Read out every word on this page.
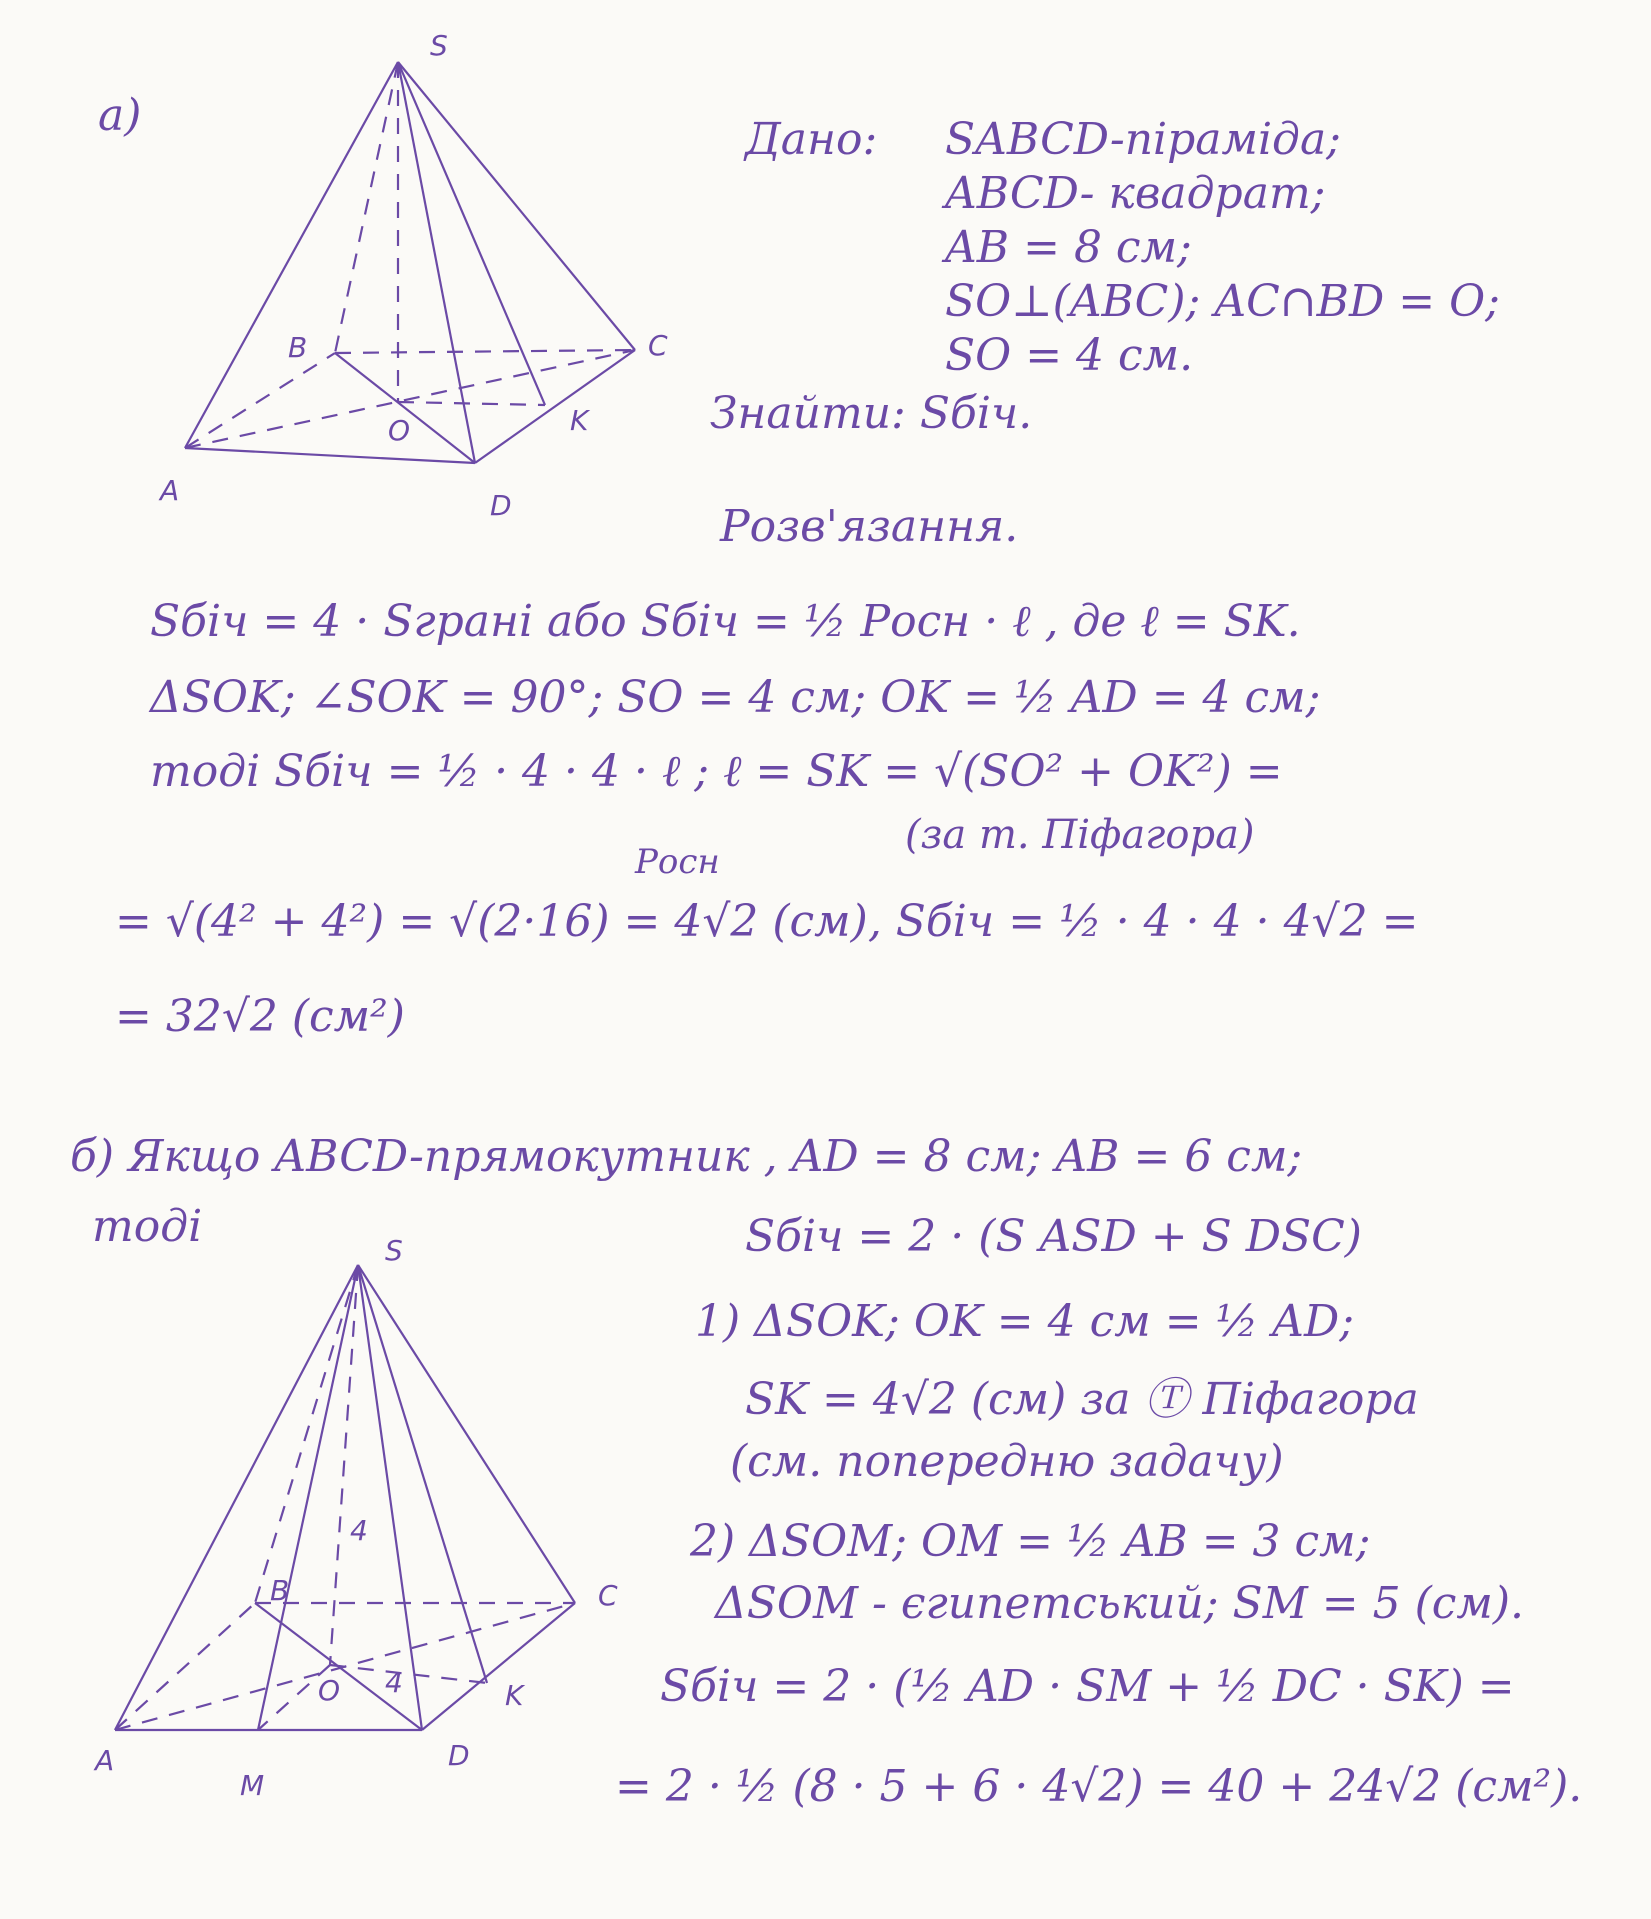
a)
S
B	C
A	D
O	K
Дано: SABCD-піраміда;
ABCD- квадрат;
AB = 8 см;
SO⊥(ABC); AC∩BD = O;
SO = 4 см.
Знайти: Sбіч.
Розв'язання.
Sбіч = 4 · Sграні або Sбіч = ½ Pосн · ℓ , де ℓ = SK.
ΔSOK; ∠SOK = 90°; SO = 4 см; OK = ½ AD = 4 см;
тоді Sбіч = ½ · 4 · 4 · ℓ ; ℓ = SK = √(SO² + OK²) =
(за т. Піфагора)
Pосн
= √(4² + 4²) = √(2·16) = 4√2 (см), Sбіч = ½ · 4 · 4 · 4√2 =
= 32√2 (см²)
б) Якщо ABCD-прямокутник , AD = 8 см; AB = 6 см;
тоді	S
B	C
A	D
O	K
M
4
4
Sбіч = 2 · (S ASD + S DSC)
1) ΔSOK; OK = 4 см = ½ AD;
SK = 4√2 (см) за Ⓣ Піфагора
(см. попередню задачу)
2) ΔSOM; OM = ½ AB = 3 см;
ΔSOM - єгипетський; SM = 5 (см).
Sбіч = 2 · (½ AD · SM + ½ DC · SK) =
= 2 · ½ (8 · 5 + 6 · 4√2) = 40 + 24√2 (см²).
